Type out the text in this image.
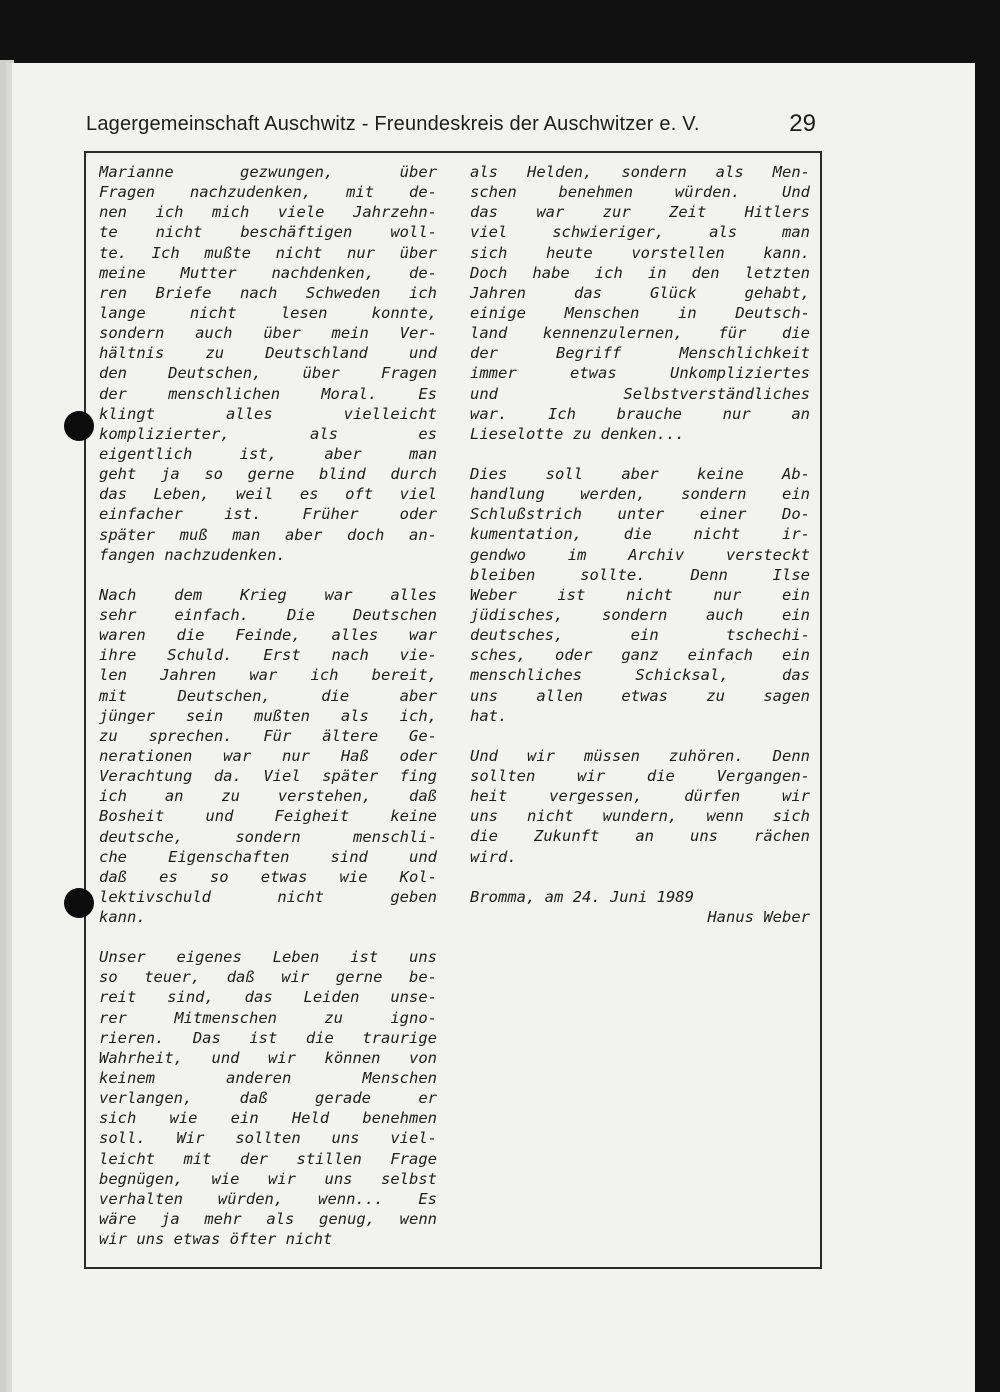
Lagergemeinschaft Auschwitz - Freundeskreis der Auschwitzer e. V.	29
Marianne gezwungen, über
Fragen nachzudenken, mit de-
nen ich mich viele Jahrzehn-
te nicht beschäftigen woll-
te. Ich mußte nicht nur über
meine Mutter nachdenken, de-
ren Briefe nach Schweden ich
lange nicht lesen konnte,
sondern auch über mein Ver-
hältnis zu Deutschland und
den Deutschen, über Fragen
der menschlichen Moral. Es
klingt alles vielleicht
komplizierter, als es
eigentlich ist, aber man
geht ja so gerne blind durch
das Leben, weil es oft viel
einfacher ist. Früher oder
später muß man aber doch an-
fangen nachzudenken.
Nach dem Krieg war alles
sehr einfach. Die Deutschen
waren die Feinde, alles war
ihre Schuld. Erst nach vie-
len Jahren war ich bereit,
mit Deutschen, die aber
jünger sein mußten als ich,
zu sprechen. Für ältere Ge-
nerationen war nur Haß oder
Verachtung da. Viel später fing
ich an zu verstehen, daß
Bosheit und Feigheit keine
deutsche, sondern menschli-
che Eigenschaften sind und
daß es so etwas wie Kol-
lektivschuld nicht geben
kann.
Unser eigenes Leben ist uns
so teuer, daß wir gerne be-
reit sind, das Leiden unse-
rer Mitmenschen zu igno-
rieren. Das ist die traurige
Wahrheit, und wir können von
keinem anderen Menschen
verlangen, daß gerade er
sich wie ein Held benehmen
soll. Wir sollten uns viel-
leicht mit der stillen Frage
begnügen, wie wir uns selbst
verhalten würden, wenn... Es
wäre ja mehr als genug, wenn
wir uns etwas öfter nicht
als Helden, sondern als Men-
schen benehmen würden. Und
das war zur Zeit Hitlers
viel schwieriger, als man
sich heute vorstellen kann.
Doch habe ich in den letzten
Jahren das Glück gehabt,
einige Menschen in Deutsch-
land kennenzulernen, für die
der Begriff Menschlichkeit
immer etwas Unkompliziertes
und Selbstverständliches
war. Ich brauche nur an
Lieselotte zu denken...
Dies soll aber keine Ab-
handlung werden, sondern ein
Schlußstrich unter einer Do-
kumentation, die nicht ir-
gendwo im Archiv versteckt
bleiben sollte. Denn Ilse
Weber ist nicht nur ein
jüdisches, sondern auch ein
deutsches, ein tschechi-
sches, oder ganz einfach ein
menschliches Schicksal, das
uns allen etwas zu sagen
hat.
Und wir müssen zuhören. Denn
sollten wir die Vergangen-
heit vergessen, dürfen wir
uns nicht wundern, wenn sich
die Zukunft an uns rächen
wird.
Bromma, am 24. Juni 1989
Hanus Weber
